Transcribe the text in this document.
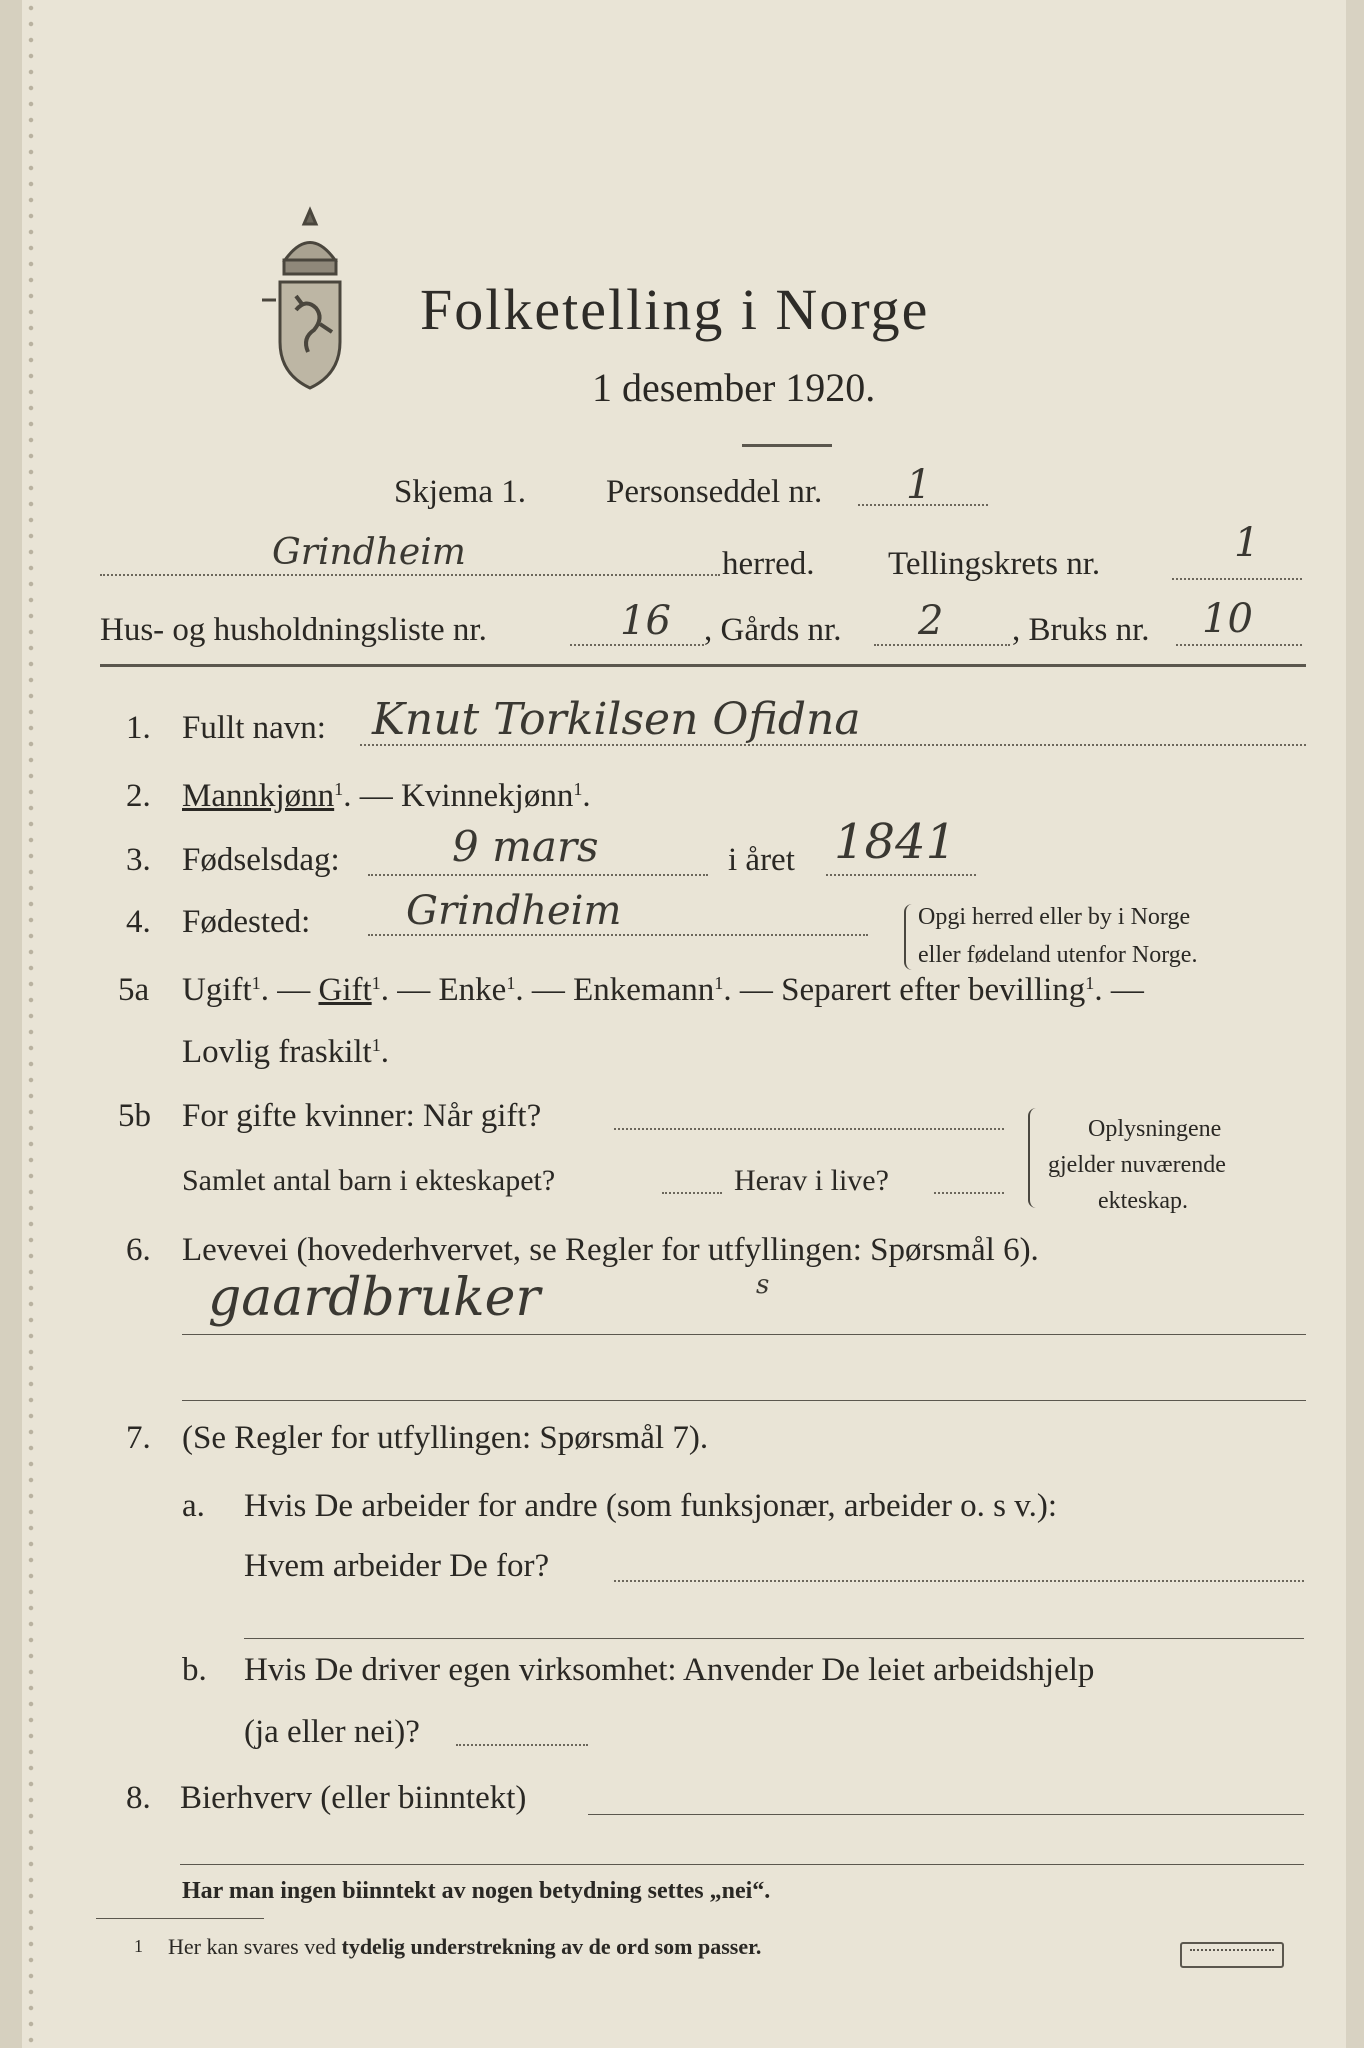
Folketelling i Norge
1 desember 1920.
Skjema 1. Personseddel nr. 1
Grindheim	herred. Tellingskrets nr.	1
Hus- og husholdningsliste nr.	16 , Gårds nr. 2 , Bruks nr. 10
1. Fullt navn: Knut Torkilsen Ofidna
2. Mannkjønn$^1$. — Kvinnekjønn$^1$.
3. Fødselsdag:	9 mars	i året 1841
4. Fødested: Grindheim	Opgi herred eller by i Norge
eller fødeland utenfor Norge.
5a Ugift$^1$. — Gift$^1$. — Enke$^1$. — Enkemann$^1$. — Separert efter bevilling$^1$. —
Lovlig fraskilt$^1$.
5b For gifte kvinner: Når gift?
Samlet antal barn i ekteskapet?	Herav i live?
Oplysningene
gjelder nuværende
ekteskap.
6. Levevei (hovederhvervet, se Regler for utfyllingen: Spørsmål 6).
gaardbruker	s
7. (Se Regler for utfyllingen: Spørsmål 7).
a. Hvis De arbeider for andre (som funksjonær, arbeider o. s v.):
Hvem arbeider De for?
b. Hvis De driver egen virksomhet: Anvender De leiet arbeidshjelp
(ja eller nei)?
8. Bierhverv (eller biinntekt)
Har man ingen biinntekt av nogen betydning settes „nei“.
1 Her kan svares ved tydelig understrekning av de ord som passer.
